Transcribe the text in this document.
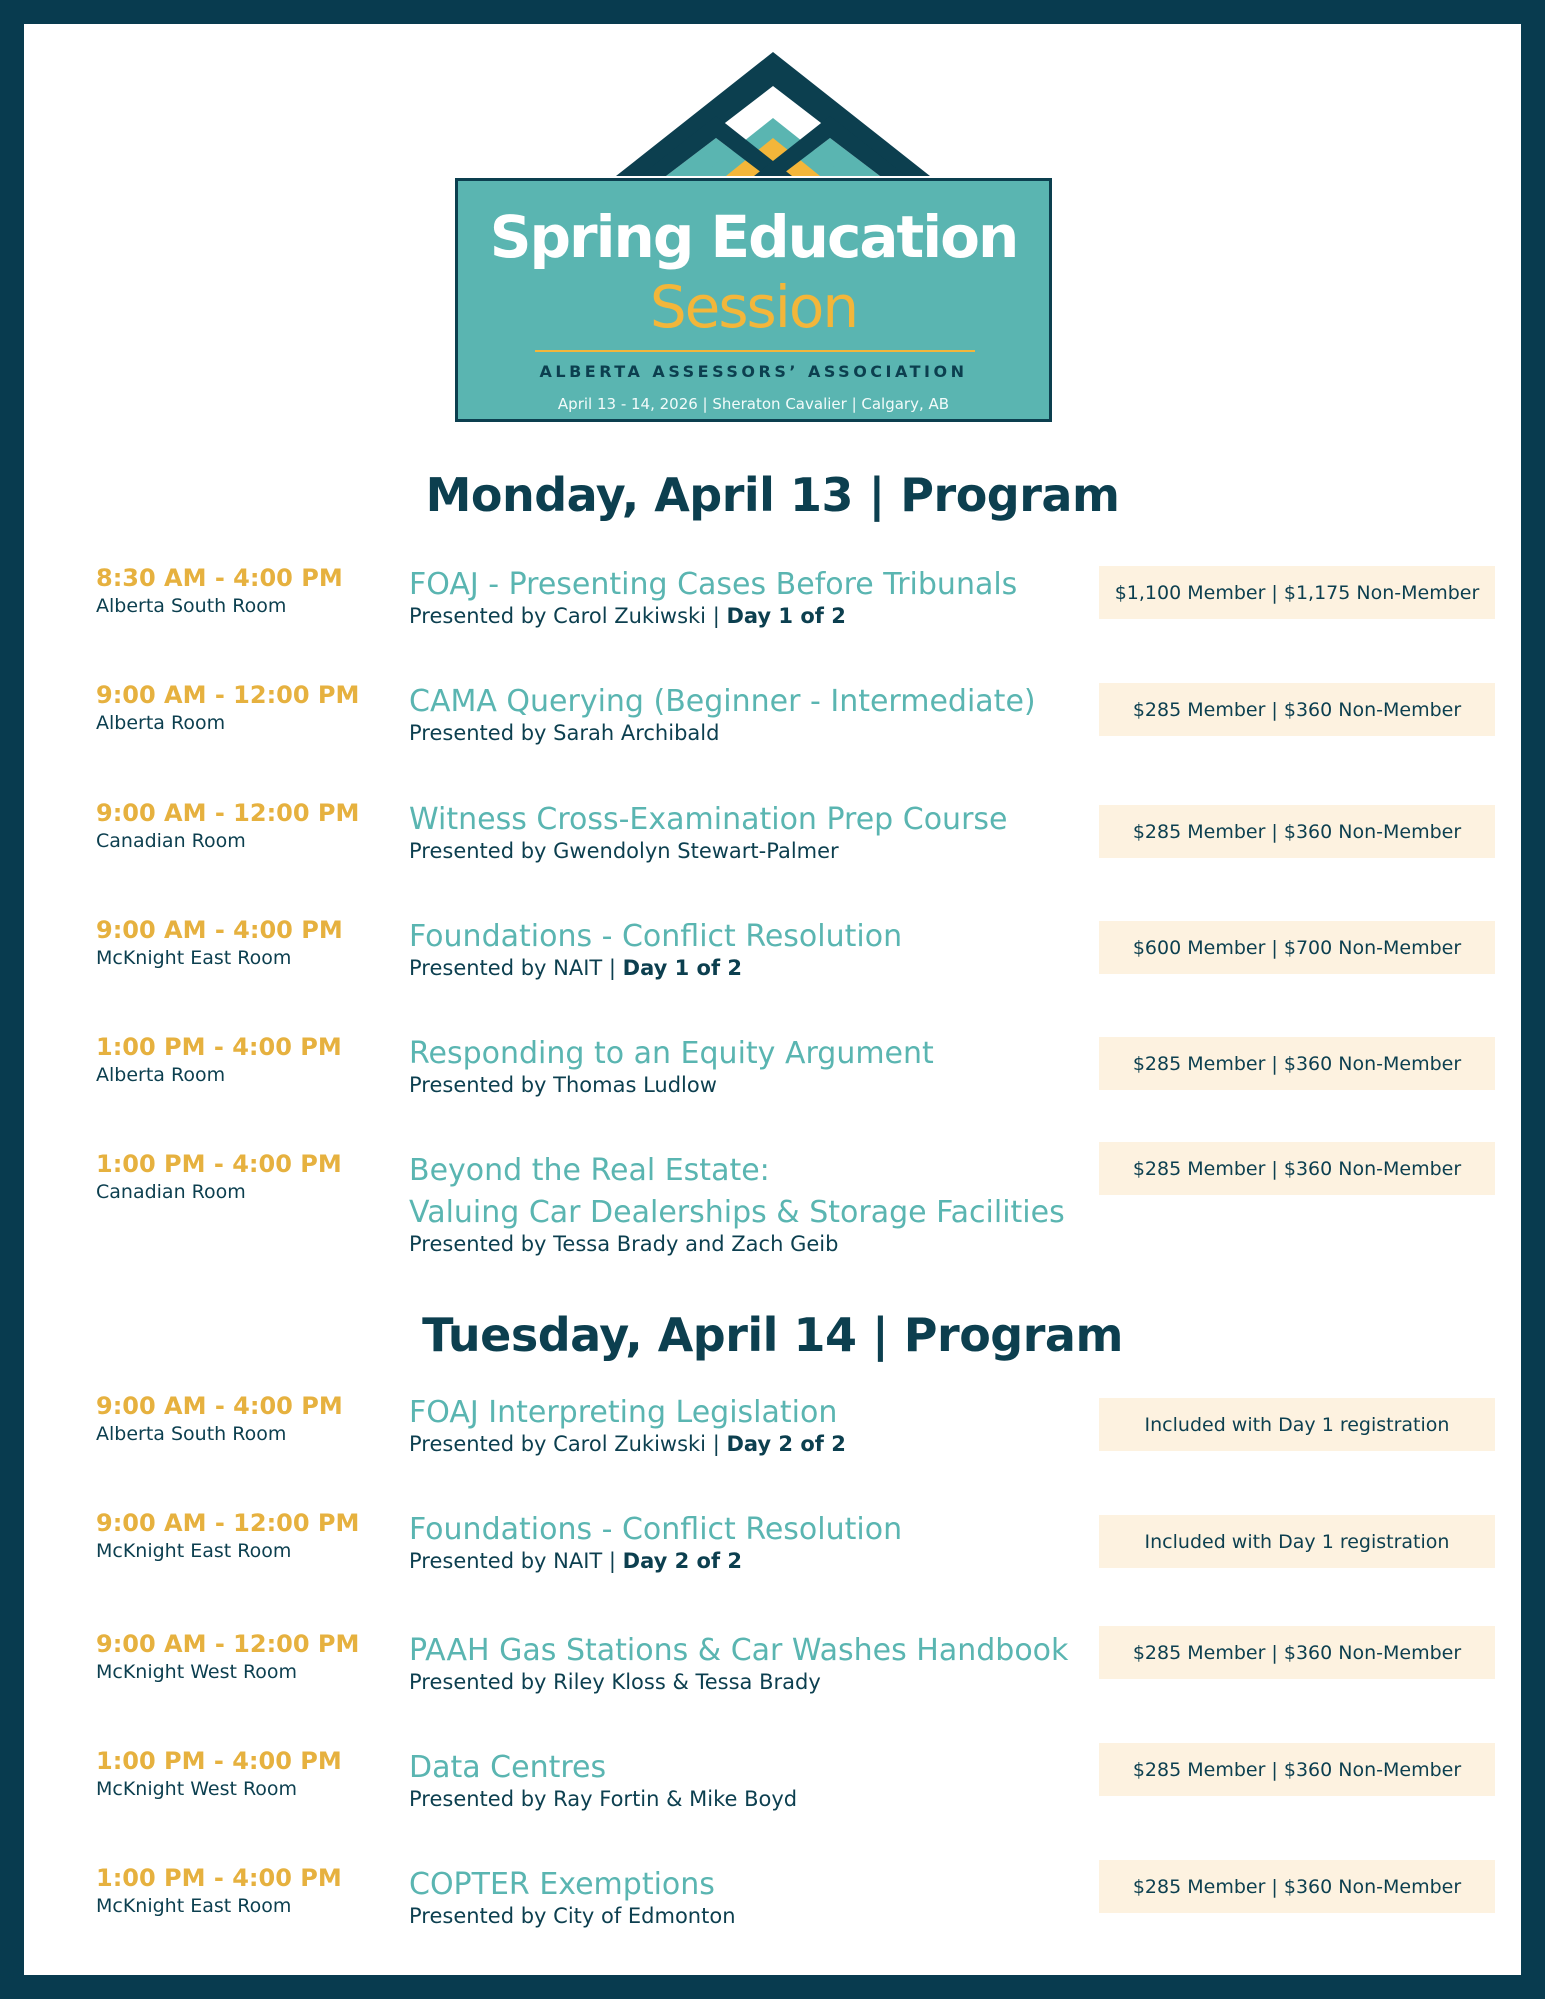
Spring Education
Session
ALBERTA ASSESSORS’ ASSOCIATION
April 13 - 14, 2026 | Sheraton Cavalier | Calgary, AB
Monday, April 13 | Program
8:30 AM - 4:00 PM
Alberta South Room
FOAJ - Presenting Cases Before Tribunals
Presented by Carol Zukiwski | Day 1 of 2
$1,100 Member | $1,175 Non-Member
9:00 AM - 12:00 PM
Alberta Room
CAMA Querying (Beginner - Intermediate)
Presented by Sarah Archibald
$285 Member | $360 Non-Member
9:00 AM - 12:00 PM
Canadian Room
Witness Cross-Examination Prep Course
Presented by Gwendolyn Stewart-Palmer
$285 Member | $360 Non-Member
9:00 AM - 4:00 PM
McKnight East Room
Foundations - Conflict Resolution
Presented by NAIT | Day 1 of 2
$600 Member | $700 Non-Member
1:00 PM - 4:00 PM
Alberta Room
Responding to an Equity Argument
Presented by Thomas Ludlow
$285 Member | $360 Non-Member
1:00 PM - 4:00 PM
Canadian Room
Beyond the Real Estate:
Valuing Car Dealerships & Storage Facilities
Presented by Tessa Brady and Zach Geib
$285 Member | $360 Non-Member
Tuesday, April 14 | Program
9:00 AM - 4:00 PM
Alberta South Room
FOAJ Interpreting Legislation
Presented by Carol Zukiwski | Day 2 of 2
Included with Day 1 registration
9:00 AM - 12:00 PM
McKnight East Room
Foundations - Conflict Resolution
Presented by NAIT | Day 2 of 2
Included with Day 1 registration
9:00 AM - 12:00 PM
McKnight West Room
PAAH Gas Stations & Car Washes Handbook
Presented by Riley Kloss & Tessa Brady
$285 Member | $360 Non-Member
1:00 PM - 4:00 PM
McKnight West Room
Data Centres
Presented by Ray Fortin & Mike Boyd
$285 Member | $360 Non-Member
1:00 PM - 4:00 PM
McKnight East Room
COPTER Exemptions
Presented by City of Edmonton
$285 Member | $360 Non-Member
